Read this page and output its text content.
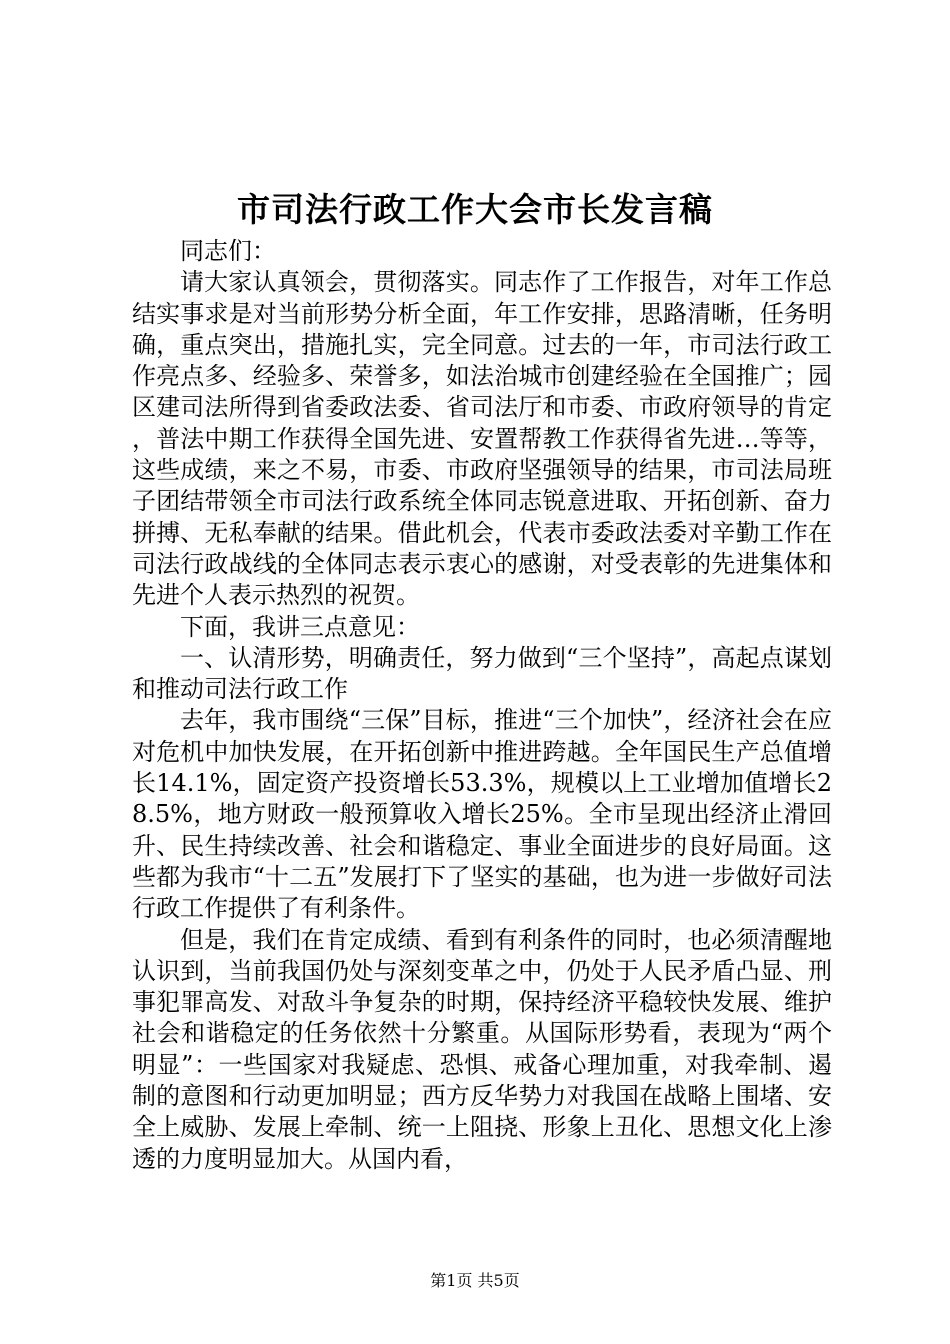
市司法行政工作大会市长发言稿

同志们：

请大家认真领会，贯彻落实。同志作了工作报告，对年工作总结实事求是对当前形势分析全面，年工作安排，思路清晰，任务明确，重点突出，措施扎实，完全同意。过去的一年，市司法行政工作亮点多、经验多、荣誉多，如法治城市创建经验在全国推广；园区建司法所得到省委政法委、省司法厅和市委、市政府领导的肯定，普法中期工作获得全国先进、安置帮教工作获得省先进…等等，这些成绩，来之不易，市委、市政府坚强领导的结果，市司法局班子团结带领全市司法行政系统全体同志锐意进取、开拓创新、奋力拼搏、无私奉献的结果。借此机会，代表市委政法委对辛勤工作在司法行政战线的全体同志表示衷心的感谢，对受表彰的先进集体和先进个人表示热烈的祝贺。

下面，我讲三点意见：

一、认清形势，明确责任，努力做到“三个坚持”，高起点谋划和推动司法行政工作

去年，我市围绕“三保”目标，推进“三个加快”，经济社会在应对危机中加快发展，在开拓创新中推进跨越。全年国民生产总值增长14.1%，固定资产投资增长53.3%，规模以上工业增加值增长28.5%，地方财政一般预算收入增长25%。全市呈现出经济止滑回升、民生持续改善、社会和谐稳定、事业全面进步的良好局面。这些都为我市“十二五”发展打下了坚实的基础，也为进一步做好司法行政工作提供了有利条件。

但是，我们在肯定成绩、看到有利条件的同时，也必须清醒地认识到，当前我国仍处与深刻变革之中，仍处于人民矛盾凸显、刑事犯罪高发、对敌斗争复杂的时期，保持经济平稳较快发展、维护社会和谐稳定的任务依然十分繁重。从国际形势看，表现为“两个明显”：一些国家对我疑虑、恐惧、戒备心理加重，对我牵制、遏制的意图和行动更加明显；西方反华势力对我国在战略上围堵、安全上威胁、发展上牵制、统一上阻挠、形象上丑化、思想文化上渗透的力度明显加大。从国内看，

第1页 共5页
